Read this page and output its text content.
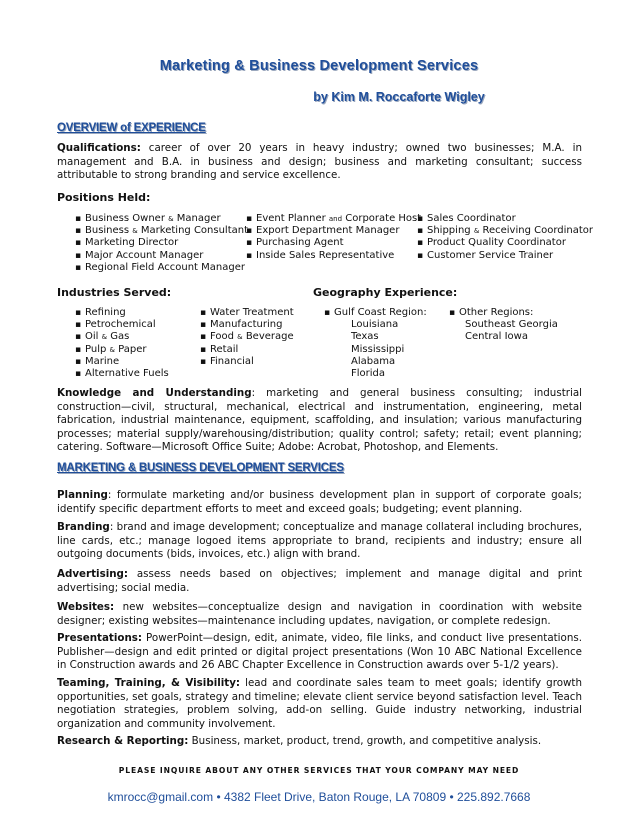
Marketing & Business Development Services
by Kim M. Roccaforte Wigley
OVERVIEW of EXPERIENCE
Qualifications: career of over 20 years in heavy industry; owned two businesses; M.A. in management and B.A. in business and design; business and marketing consultant; success attributable to strong branding and service excellence.
Positions Held:
▪ Business Owner & Manager
▪ Business & Marketing Consultant
▪ Marketing Director
▪ Major Account Manager
▪ Regional Field Account Manager
▪ Event Planner and Corporate Host
▪ Export Department Manager
▪ Purchasing Agent
▪ Inside Sales Representative
▪ Sales Coordinator
▪ Shipping & Receiving Coordinator
▪ Product Quality Coordinator
▪ Customer Service Trainer
Industries Served:	Geography Experience:
▪ Refining
▪ Petrochemical
▪ Oil & Gas
▪ Pulp & Paper
▪ Marine
▪ Alternative Fuels
▪ Water Treatment
▪ Manufacturing
▪ Food & Beverage
▪ Retail
▪ Financial
▪ Gulf Coast Region:
Louisiana
Texas
Mississippi
Alabama
Florida
▪ Other Regions:
Southeast Georgia
Central Iowa
Knowledge and Understanding: marketing and general business consulting; industrial construction—civil, structural, mechanical, electrical and instrumentation, engineering, metal fabrication, industrial maintenance, equipment, scaffolding, and insulation; various manufacturing processes; material supply/warehousing/distribution; quality control; safety; retail; event planning; catering. Software—Microsoft Office Suite; Adobe: Acrobat, Photoshop, and Elements.
MARKETING & BUSINESS DEVELOPMENT SERVICES
Planning: formulate marketing and/or business development plan in support of corporate goals; identify specific department efforts to meet and exceed goals; budgeting; event planning.
Branding: brand and image development; conceptualize and manage collateral including brochures, line cards, etc.; manage logoed items appropriate to brand, recipients and industry; ensure all outgoing documents (bids, invoices, etc.) align with brand.
Advertising: assess needs based on objectives; implement and manage digital and print advertising; social media.
Websites: new websites—conceptualize design and navigation in coordination with website designer; existing websites—maintenance including updates, navigation, or complete redesign.
Presentations: PowerPoint—design, edit, animate, video, file links, and conduct live presentations. Publisher—design and edit printed or digital project presentations (Won 10 ABC National Excellence in Construction awards and 26 ABC Chapter Excellence in Construction awards over 5-1/2 years).
Teaming, Training, & Visibility: lead and coordinate sales team to meet goals; identify growth opportunities, set goals, strategy and timeline; elevate client service beyond satisfaction level. Teach negotiation strategies, problem solving, add-on selling. Guide industry networking, industrial organization and community involvement.
Research & Reporting: Business, market, product, trend, growth, and competitive analysis.
PLEASE INQUIRE ABOUT ANY OTHER SERVICES THAT YOUR COMPANY MAY NEED
kmrocc@gmail.com • 4382 Fleet Drive, Baton Rouge, LA 70809 • 225.892.7668
